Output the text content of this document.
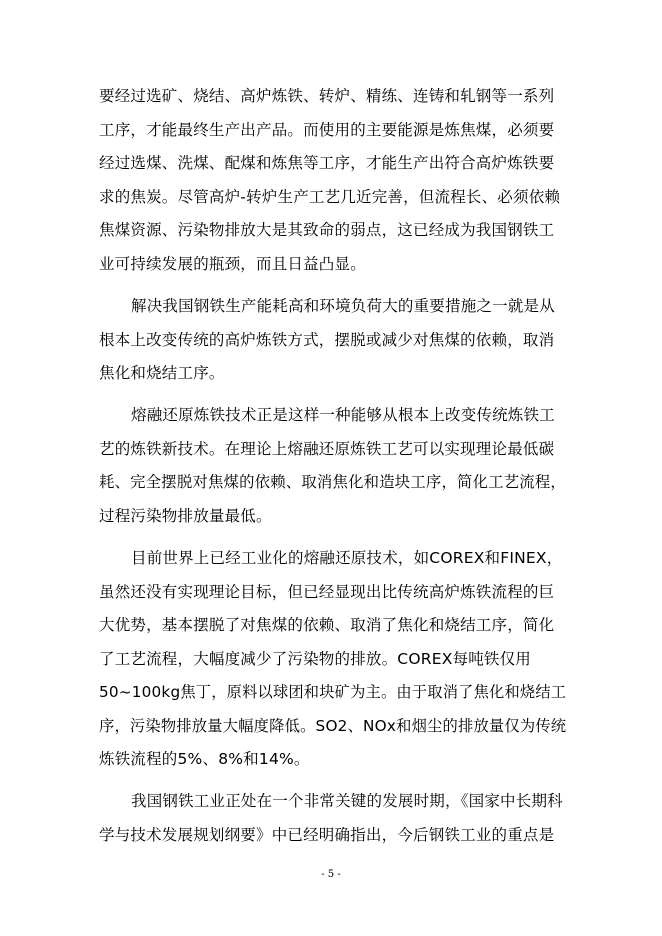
要经过选矿、烧结、高炉炼铁、转炉、精练、连铸和轧钢等一系列
工序，才能最终生产出产品。而使用的主要能源是炼焦煤，必须要
经过选煤、洗煤、配煤和炼焦等工序，才能生产出符合高炉炼铁要
求的焦炭。尽管高炉-转炉生产工艺几近完善，但流程长、必须依赖
焦煤资源、污染物排放大是其致命的弱点，这已经成为我国钢铁工
业可持续发展的瓶颈，而且日益凸显。
解决我国钢铁生产能耗高和环境负荷大的重要措施之一就是从
根本上改变传统的高炉炼铁方式，摆脱或减少对焦煤的依赖，取消
焦化和烧结工序。
熔融还原炼铁技术正是这样一种能够从根本上改变传统炼铁工
艺的炼铁新技术。在理论上熔融还原炼铁工艺可以实现理论最低碳
耗、完全摆脱对焦煤的依赖、取消焦化和造块工序，简化工艺流程，
过程污染物排放量最低。
目前世界上已经工业化的熔融还原技术，如COREX和FINEX，
虽然还没有实现理论目标，但已经显现出比传统高炉炼铁流程的巨
大优势，基本摆脱了对焦煤的依赖、取消了焦化和烧结工序，简化
了工艺流程，大幅度减少了污染物的排放。COREX每吨铁仅用
50~100kg焦丁，原料以球团和块矿为主。由于取消了焦化和烧结工
序，污染物排放量大幅度降低。SO2、NOx和烟尘的排放量仅为传统
炼铁流程的5%、8%和14%。
我国钢铁工业正处在一个非常关键的发展时期，《国家中长期科
学与技术发展规划纲要》中已经明确指出，今后钢铁工业的重点是
- 5 -
